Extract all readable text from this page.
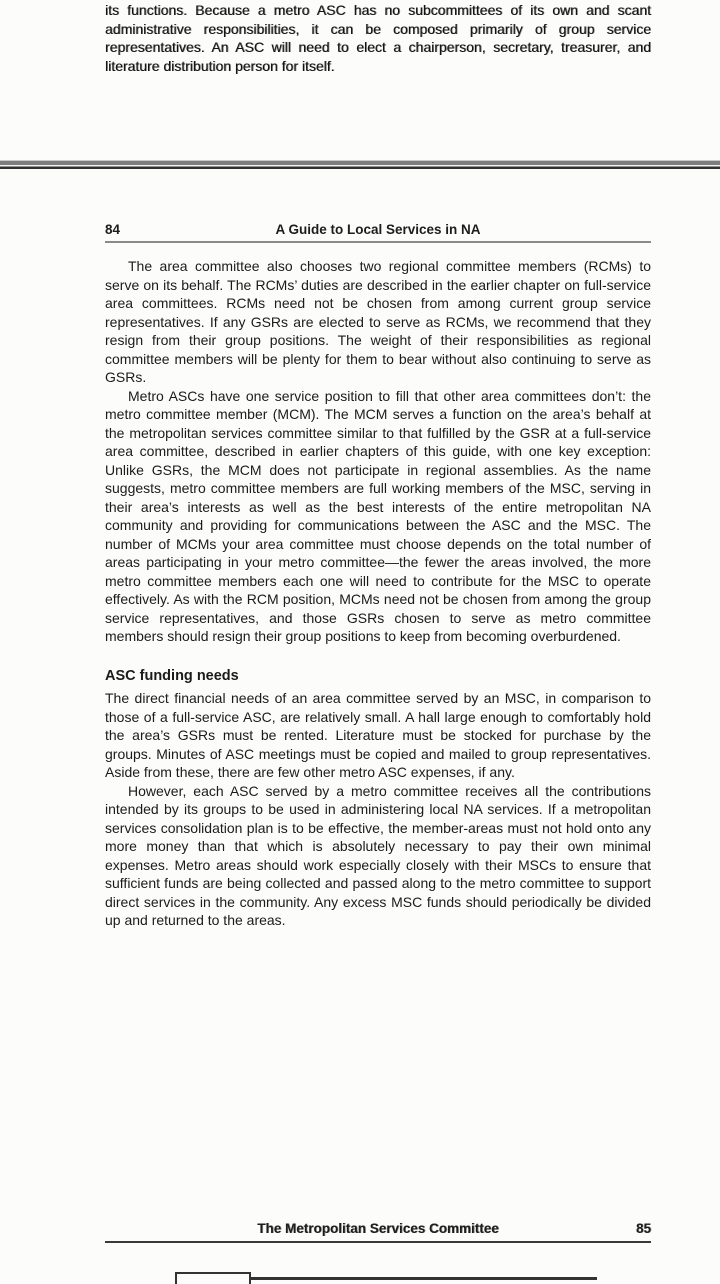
its functions. Because a metro ASC has no subcommittees of its own and scant administrative responsibilities, it can be composed primarily of group service representatives. An ASC will need to elect a chairperson, secretary, treasurer, and literature distribution person for itself.
84	A Guide to Local Services in NA

The area committee also chooses two regional committee members (RCMs) to serve on its behalf. The RCMs’ duties are described in the earlier chapter on full-service area committees. RCMs need not be chosen from among current group service representatives. If any GSRs are elected to serve as RCMs, we recommend that they resign from their group positions. The weight of their responsibilities as regional committee members will be plenty for them to bear without also continuing to serve as GSRs.

Metro ASCs have one service position to fill that other area committees don’t: the metro committee member (MCM). The MCM serves a function on the area’s behalf at the metropolitan services committee similar to that fulfilled by the GSR at a full-service area committee, described in earlier chapters of this guide, with one key exception: Unlike GSRs, the MCM does not participate in regional assemblies. As the name suggests, metro committee members are full working members of the MSC, serving in their area’s interests as well as the best interests of the entire metropolitan NA community and providing for communications between the ASC and the MSC. The number of MCMs your area committee must choose depends on the total number of areas participating in your metro committee—the fewer the areas involved, the more metro committee members each one will need to contribute for the MSC to operate effectively. As with the RCM position, MCMs need not be chosen from among the group service representatives, and those GSRs chosen to serve as metro committee members should resign their group positions to keep from becoming overburdened.

ASC funding needs

The direct financial needs of an area committee served by an MSC, in comparison to those of a full-service ASC, are relatively small. A hall large enough to comfortably hold the area’s GSRs must be rented. Literature must be stocked for purchase by the groups. Minutes of ASC meetings must be copied and mailed to group representatives. Aside from these, there are few other metro ASC expenses, if any.

However, each ASC served by a metro committee receives all the contributions intended by its groups to be used in administering local NA services. If a metropolitan services consolidation plan is to be effective, the member-areas must not hold onto any more money than that which is absolutely necessary to pay their own minimal expenses. Metro areas should work especially closely with their MSCs to ensure that sufficient funds are being collected and passed along to the metro committee to support direct services in the community. Any excess MSC funds should periodically be divided up and returned to the areas.

The Metropolitan Services Committee	85
